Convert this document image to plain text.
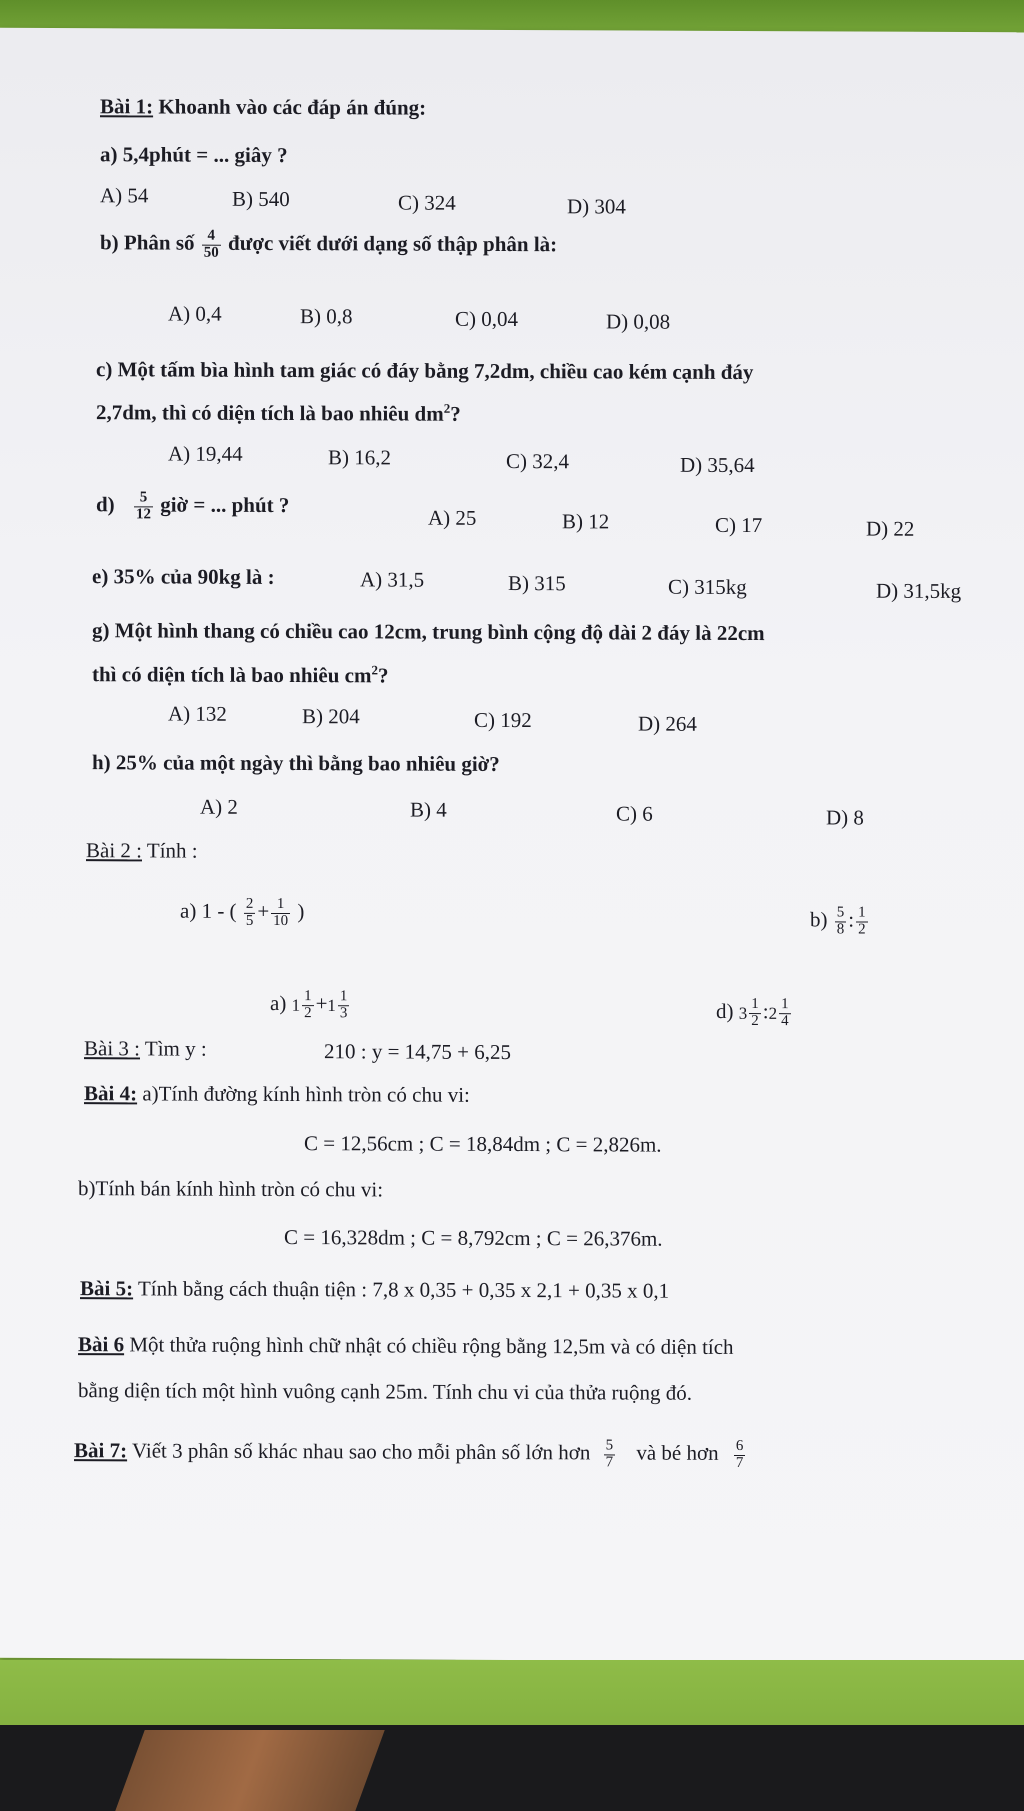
Bài 1: Khoanh vào các đáp án đúng:
a) 5,4phút = ... giây ?
A) 54	B) 540	C) 324	D) 304
b) Phân số $\frac{4}{50}$ được viết dưới dạng số thập phân là:
A) 0,4	B) 0,8	C) 0,04	D) 0,08
c) Một tấm bìa hình tam giác có đáy bằng 7,2dm, chiều cao kém cạnh đáy
2,7dm, thì có diện tích là bao nhiêu $dm^2$?
A) 19,44	B) 16,2	C) 32,4	D) 35,64
$d) \frac{5}{12}$ giờ = ... phút ?
A) 25	B) 12	C) 17	D) 22
e) 35% của 90kg là :	A) 31,5	B) 315	C) 315kg	D) 31,5kg
g) Một hình thang có chiều cao 12cm, trung bình cộng độ dài 2 đáy là 22cm
thì có diện tích là bao nhiêu $cm^2$?
A) 132	B) 204	C) 192	D) 264
h) 25% của một ngày thì bằng bao nhiêu giờ?
A) 2	B) 4	C) 6	D) 8
Bài 2 : Tính :
a) 1 - ( $\frac{2}{5} + \frac{1}{10}$ )	$b) \frac{5}{8}$ : $\frac{1}{2}$
a) $1 \frac{1}{2} +1 \frac{1}{3}$	d) $3 \frac{1}{2}$ :2 $\frac{1}{4}$
Bài 3 : Tìm y :	210 : y = 14,75 + 6,25
Bài 4: a)Tính đường kính hình tròn có chu vi:
C = 12,56cm ; C = 18,84dm ; C = 2,826m.
b)Tính bán kính hình tròn có chu vi:
C = 16,328dm ; C = 8,792cm ; C = 26,376m.
Bài 5: Tính bằng cách thuận tiện : 7,8 x 0,35 + 0,35 x 2,1 + 0,35 x 0,1
Bài 6 Một thửa ruộng hình chữ nhật có chiều rộng bằng 12,5m và có diện tích
bằng diện tích một hình vuông cạnh 25m. Tính chu vi của thửa ruộng đó.
Bài 7: Viết 3 phân số khác nhau sao cho mỗi phân số lớn hơn $\frac{5}{7}$ và bé hơn $\frac{6}{7}$
